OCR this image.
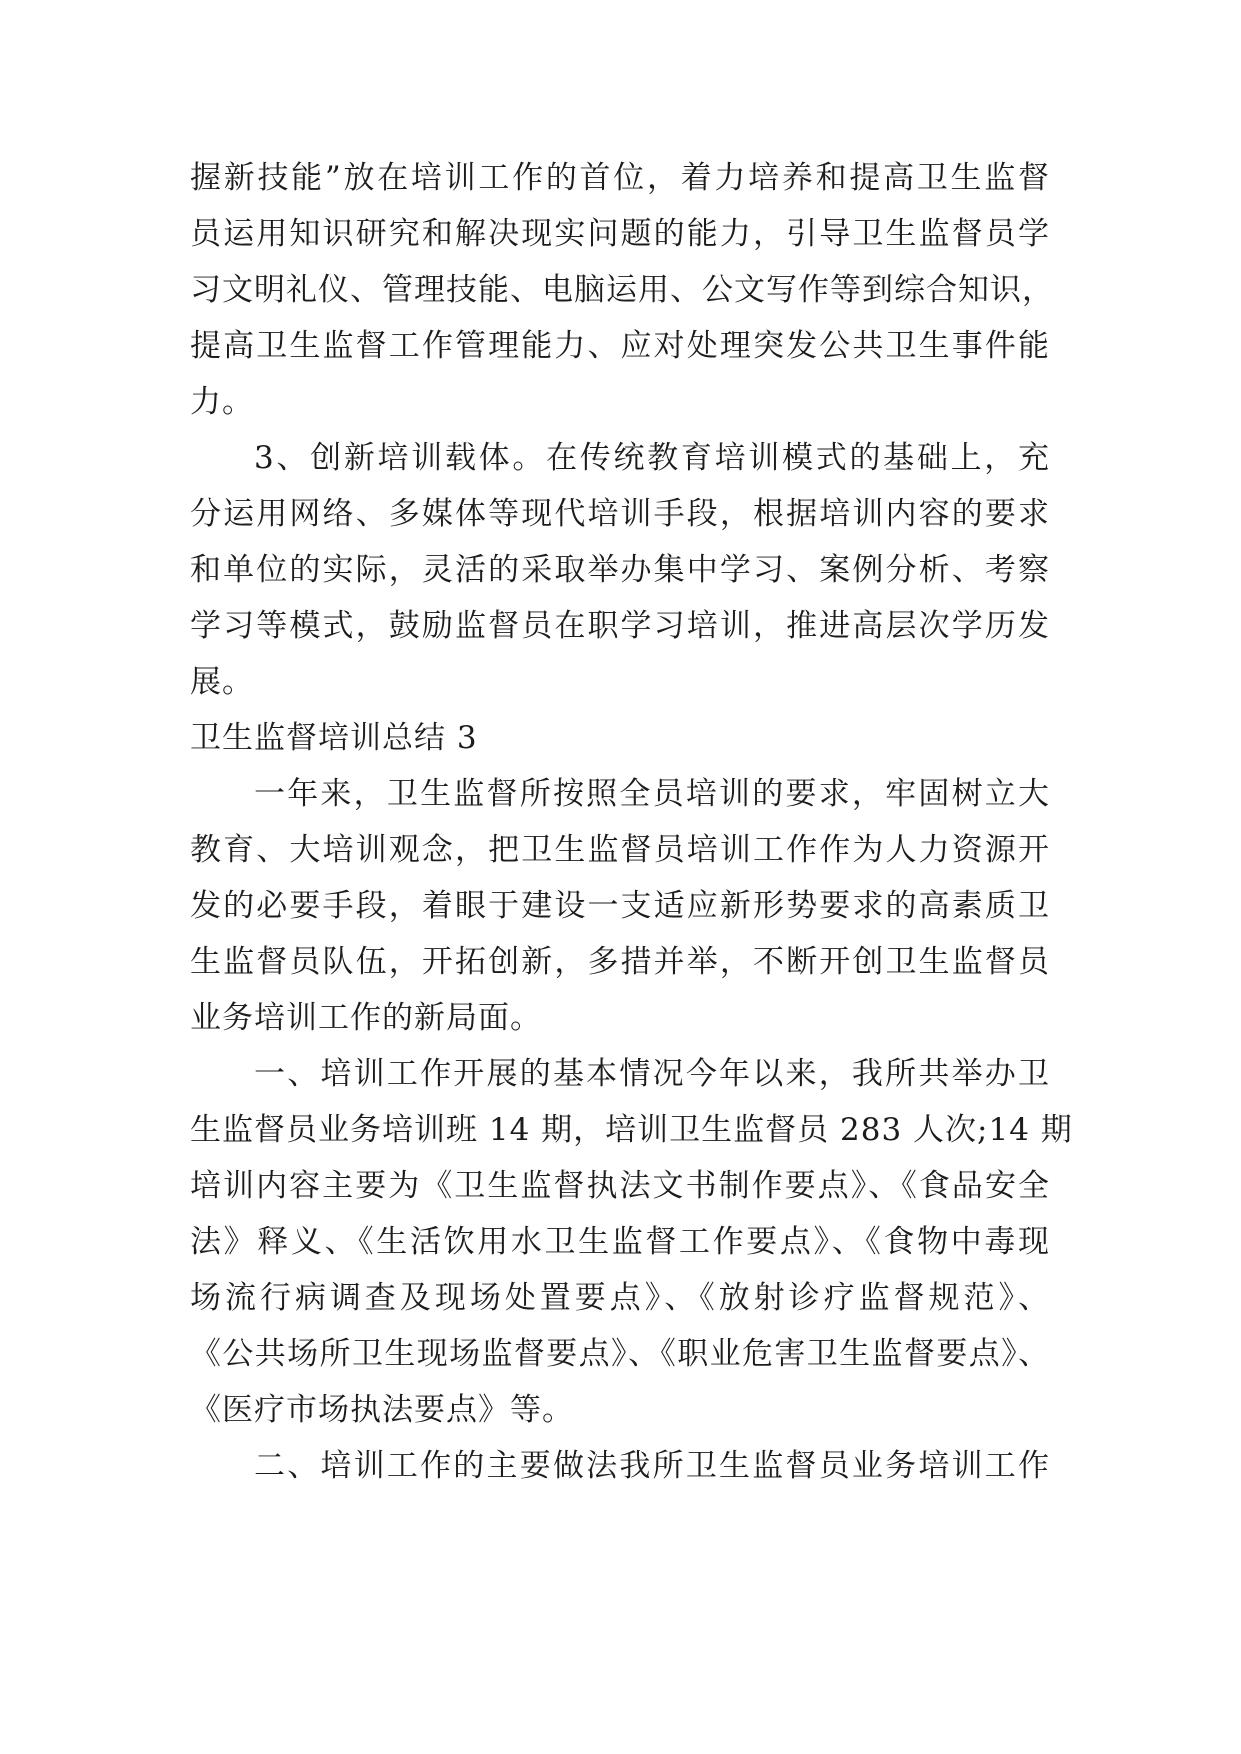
握新技能”放在培训工作的首位，着力培养和提高卫生监督
员运用知识研究和解决现实问题的能力，引导卫生监督员学
习文明礼仪、管理技能、电脑运用、公文写作等到综合知识，
提高卫生监督工作管理能力、应对处理突发公共卫生事件能
力。
3、创新培训载体。在传统教育培训模式的基础上，充
分运用网络、多媒体等现代培训手段，根据培训内容的要求
和单位的实际，灵活的采取举办集中学习、案例分析、考察
学习等模式，鼓励监督员在职学习培训，推进高层次学历发
展。
卫生监督培训总结 3
一年来，卫生监督所按照全员培训的要求，牢固树立大
教育、大培训观念，把卫生监督员培训工作作为人力资源开
发的必要手段，着眼于建设一支适应新形势要求的高素质卫
生监督员队伍，开拓创新，多措并举，不断开创卫生监督员
业务培训工作的新局面。
一、培训工作开展的基本情况今年以来，我所共举办卫
生监督员业务培训班 14 期，培训卫生监督员 283 人次;14 期
培训内容主要为《卫生监督执法文书制作要点》、《食品安全
法》释义、《生活饮用水卫生监督工作要点》、《食物中毒现
场流行病调查及现场处置要点》、《放射诊疗监督规范》、
《公共场所卫生现场监督要点》、《职业危害卫生监督要点》、
《医疗市场执法要点》等。
二、培训工作的主要做法我所卫生监督员业务培训工作
